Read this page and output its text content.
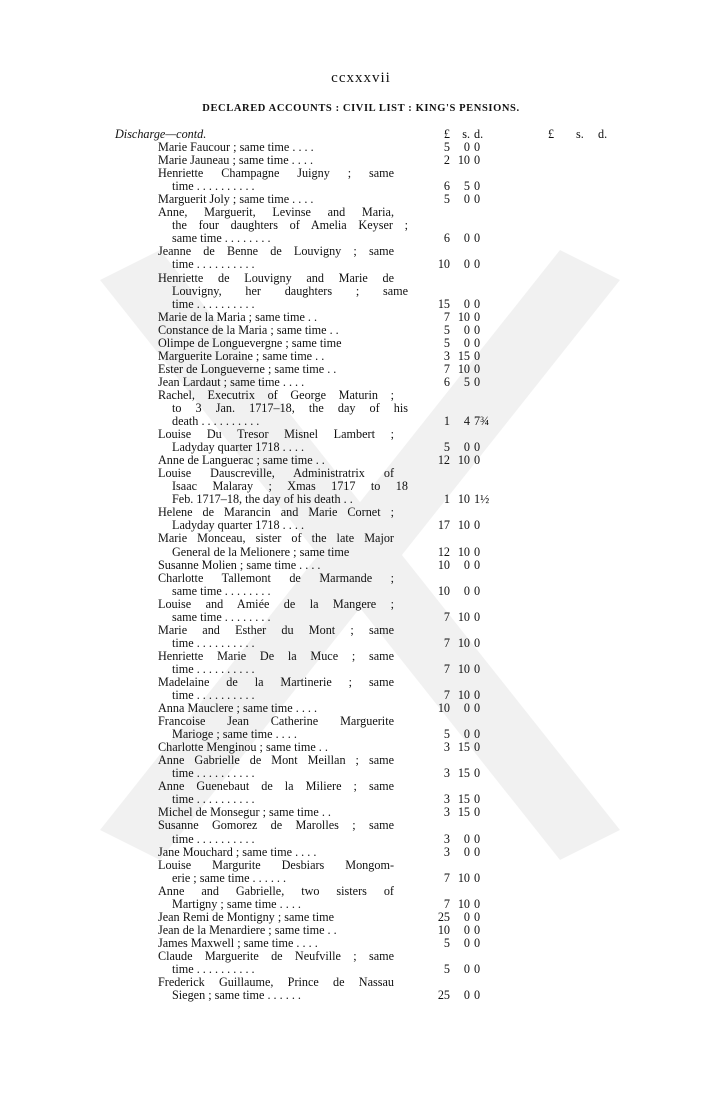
ccxxxvii
DECLARED ACCOUNTS : CIVIL LIST : KING'S PENSIONS.
Discharge—contd.	£	s. d.	£ s. d.
Marie Faucour ; same time . . . .	5	0 0
Marie Jauneau ; same time . . . .	2 10 0
Henriette Champagne Juigny ; same
time . . . . . . . . . .	6	5 0
Marguerit Joly ; same time . . . .	5	0 0
Anne, Marguerit, Levinse and Maria,
the four daughters of Amelia Keyser ;
same time . . . . . . . .	6	0 0
Jeanne de Benne de Louvigny ; same
time . . . . . . . . . .	10	0 0
Henriette de Louvigny and Marie de
Louvigny, her daughters ; same
time . . . . . . . . . .	15	0 0
Marie de la Maria ; same time . .	7 10 0
Constance de la Maria ; same time . .	5	0 0
Olimpe de Longuevergne ; same time	5	0 0
Marguerite Loraine ; same time . .	3 15 0
Ester de Longueverne ; same time . .	7 10 0
Jean Lardaut ; same time . . . .	6	5 0
Rachel, Executrix of George Maturin ;
to 3 Jan. 1717–18, the day of his
death . . . . . . . . . .	1	4 7¾
Louise Du Tresor Misnel Lambert ;
Ladyday quarter 1718 . . . .	5	0 0
Anne de Languerac ; same time . .	12 10 0
Louise Dauscreville, Administratrix of
Isaac Malaray ; Xmas 1717 to 18
Feb. 1717–18, the day of his death . .	1 10 1½
Helene de Marancin and Marie Cornet ;
Ladyday quarter 1718 . . . .	17 10 0
Marie Monceau, sister of the late Major
General de la Melionere ; same time	12 10 0
Susanne Molien ; same time . . . .	10	0 0
Charlotte Tallemont de Marmande ;
same time . . . . . . . .	10	0 0
Louise and Amiée de la Mangere ;
same time . . . . . . . .	7 10 0
Marie and Esther du Mont ; same
time . . . . . . . . . .	7 10 0
Henriette Marie De la Muce ; same
time . . . . . . . . . .	7 10 0
Madelaine de la Martinerie ; same
time . . . . . . . . . .	7 10 0
Anna Mauclere ; same time . . . .	10	0 0
Francoise Jean Catherine Marguerite
Marioge ; same time . . . .	5	0 0
Charlotte Menginou ; same time . .	3 15 0
Anne Gabrielle de Mont Meillan ; same
time . . . . . . . . . .	3 15 0
Anne Guenebaut de la Miliere ; same
time . . . . . . . . . .	3 15 0
Michel de Monsegur ; same time . .	3 15 0
Susanne Gomorez de Marolles ; same
time . . . . . . . . . .	3	0 0
Jane Mouchard ; same time . . . .	3	0 0
Louise Margurite Desbiars Mongom-
erie ; same time . . . . . .	7 10 0
Anne and Gabrielle, two sisters of
Martigny ; same time . . . .	7 10 0
Jean Remi de Montigny ; same time	25	0 0
Jean de la Menardiere ; same time . .	10	0 0
James Maxwell ; same time . . . .	5	0 0
Claude Marguerite de Neufville ; same
time . . . . . . . . . .	5	0 0
Frederick Guillaume, Prince de Nassau
Siegen ; same time . . . . . .	25	0 0
